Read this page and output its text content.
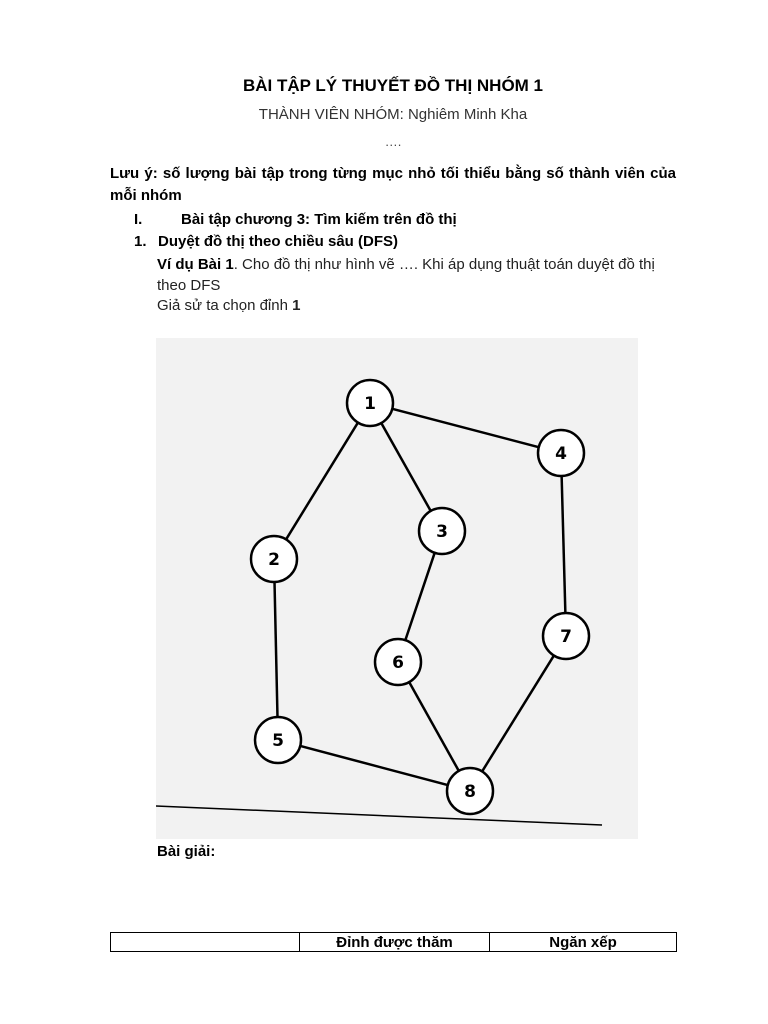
BÀI TẬP LÝ THUYẾT ĐỒ THỊ NHÓM 1
THÀNH VIÊN NHÓM: Nghiêm Minh Kha
….
Lưu ý: số lượng bài tập trong từng mục nhỏ tối thiểu bằng số thành viên của mỗi nhóm
I.	Bài tập chương 3: Tìm kiếm trên đồ thị
1. Duyệt đồ thị theo chiều sâu (DFS)
Ví dụ Bài 1. Cho đồ thị như hình vẽ …. Khi áp dụng thuật toán duyệt đồ thị theo DFS
Giả sử ta chọn đỉnh 1
1
2
3
4
5
6
7
8
Bài giải:
	Đỉnh được thăm	Ngăn xếp
